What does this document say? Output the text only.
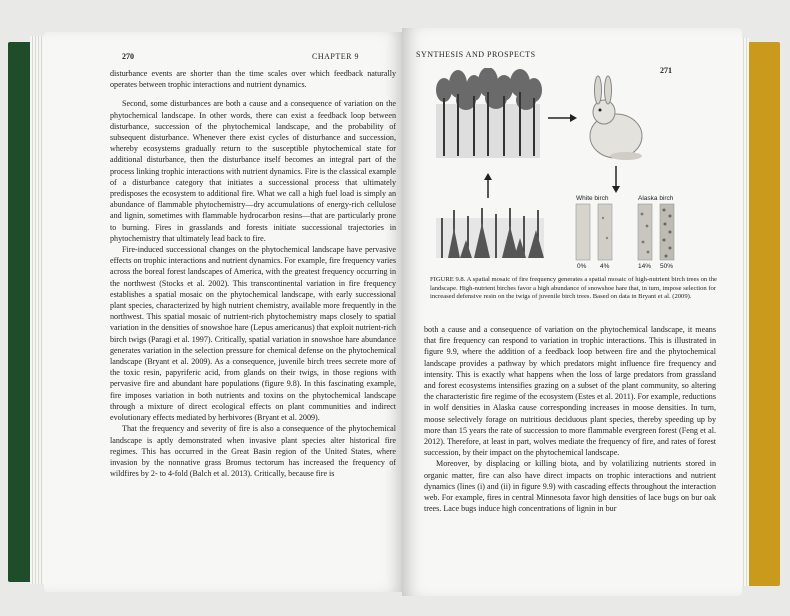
270	CHAPTER 9

disturbance events are shorter than the time scales over which feedback naturally operates between trophic interactions and nutrient dynamics.

Second, some disturbances are both a cause and a consequence of variation on the phytochemical landscape. In other words, there can exist a feedback loop between disturbance, succession of the phytochemical landscape, and the probability of subsequent disturbance. Whenever there exist cycles of disturbance and succession, whereby ecosystems gradually return to the susceptible phytochemical state for additional disturbance, then the disturbance itself becomes an integral part of the process linking trophic interactions with nutrient dynamics. Fire is the classical example of a disturbance category that initiates a successional process that ultimately predisposes the ecosystem to additional fire. What we call a high fuel load is simply an abundance of flammable phytochemistry—dry accumulations of energy-rich cellulose and lignin, sometimes with flammable hydrocarbon resins—that are particularly prone to burning. Fires in grasslands and forests initiate successional trajectories in phytochemistry that ultimately lead back to fire.

Fire-induced successional changes on the phytochemical landscape have pervasive effects on trophic interactions and nutrient dynamics. For example, fire frequency varies across the boreal forest landscapes of America, with the greatest frequency occurring in the northwest (Stocks et al. 2002). This transcontinental variation in fire frequency establishes a spatial mosaic on the phytochemical landscape, with early successional plant species, characterized by high nutrient chemistry, available more frequently in the northwest. This spatial mosaic of nutrient-rich phytochemistry maps closely to spatial variation in the densities of snowshoe hare (Lepus americanus) that exploit nutrient-rich birch twigs (Paragi et al. 1997). Critically, spatial variation in snowshoe hare abundance generates variation in the selection pressure for chemical defense on the phytochemical landscape (Bryant et al. 2009). As a consequence, juvenile birch trees secrete more of the toxic resin, papyriferic acid, from glands on their twigs, in those regions with pervasive fire and abundant hare populations (figure 9.8). In this fascinating example, fire imposes variation in both nutrients and toxins on the phytochemical landscape through a mixture of direct ecological effects on plant communities and indirect evolutionary effects mediated by herbivores (Bryant et al. 2009).

That the frequency and severity of fire is also a consequence of the phytochemical landscape is aptly demonstrated when invasive plant species alter historical fire regimes. This has occurred in the Great Basin region of the United States, where invasion by the nonnative grass Bromus tectorum has increased the frequency of wildfires by 2- to 4-fold (Balch et al. 2013). Critically, because fire is

SYNTHESIS AND PROSPECTS
271
White birch	Alaska birch
0% 4%	14% 50%
FIGURE 9.8. A spatial mosaic of fire frequency generates a spatial mosaic of high-nutrient birch trees on the landscape. High-nutrient birches favor a high abundance of snowshoe hare that, in turn, impose selection for increased defensive resin on the twigs of juvenile birch trees. Based on data in Bryant et al. (2009).

both a cause and a consequence of variation on the phytochemical landscape, it means that fire frequency can respond to variation in trophic interactions. This is illustrated in figure 9.9, where the addition of a feedback loop between fire and the phytochemical landscape provides a pathway by which predators might influence fire frequency and intensity. This is exactly what happens when the loss of large predators from grassland and forest ecosystems intensifies grazing on a subset of the plant community, so altering the characteristic fire regime of the ecosystem (Estes et al. 2011). For example, reductions in wolf densities in Alaska cause corresponding increases in moose densities. In turn, moose selectively forage on nutritious deciduous plant species, thereby speeding up by more than 15 years the rate of succession to more flammable evergreen forest (Feng et al. 2012). Therefore, at least in part, wolves mediate the frequency of fire, and rates of forest succession, by their impact on the phytochemical landscape.

Moreover, by displacing or killing biota, and by volatilizing nutrients stored in organic matter, fire can also have direct impacts on trophic interactions and nutrient dynamics (lines (i) and (ii) in figure 9.9) with cascading effects throughout the interaction web. For example, fires in central Minnesota favor high densities of lace bugs on bur oak trees. Lace bugs induce high concentrations of lignin in bur
